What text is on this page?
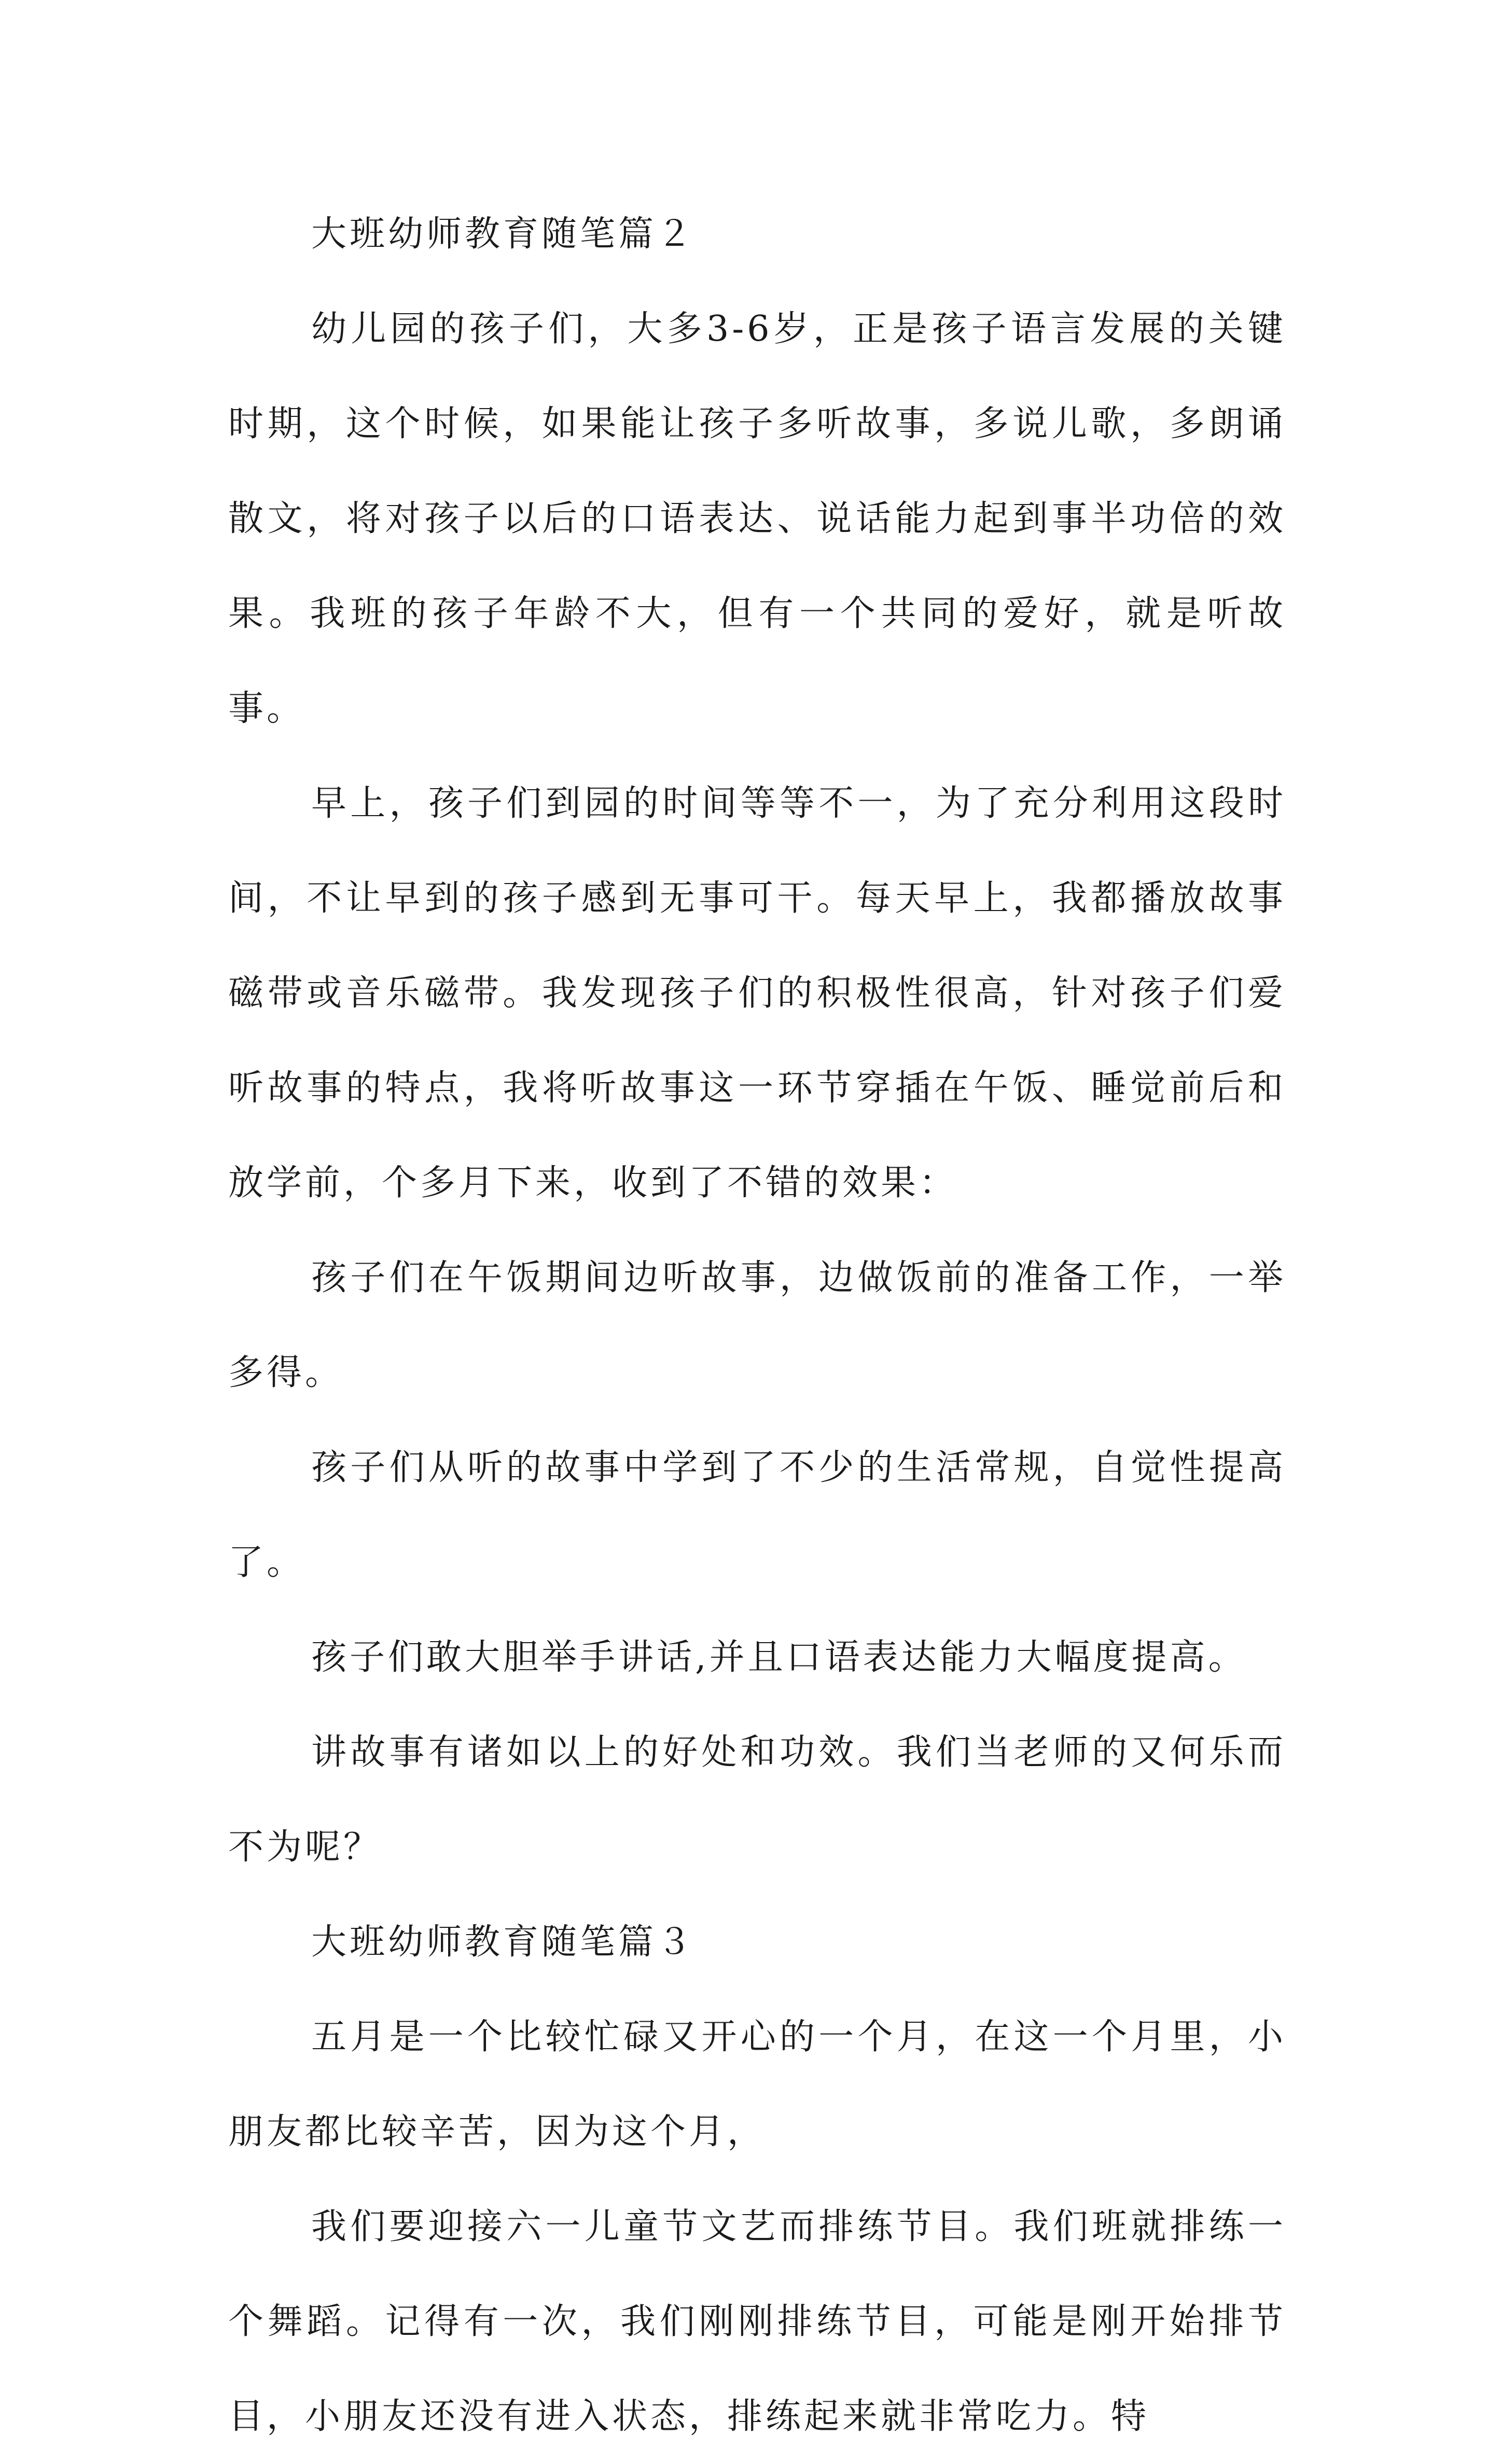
大班幼师教育随笔篇２

幼儿园的孩子们，大多3-6岁，正是孩子语言发展的关键时期，这个时候，如果能让孩子多听故事，多说儿歌，多朗诵散文，将对孩子以后的口语表达、说话能力起到事半功倍的效果。我班的孩子年龄不大，但有一个共同的爱好，就是听故事。

早上，孩子们到园的时间等等不一，为了充分利用这段时间，不让早到的孩子感到无事可干。每天早上，我都播放故事磁带或音乐磁带。我发现孩子们的积极性很高，针对孩子们爱听故事的特点，我将听故事这一环节穿插在午饭、睡觉前后和放学前，个多月下来，收到了不错的效果：

孩子们在午饭期间边听故事，边做饭前的准备工作，一举多得。

孩子们从听的故事中学到了不少的生活常规，自觉性提高了。

孩子们敢大胆举手讲话,并且口语表达能力大幅度提高。

讲故事有诸如以上的好处和功效。我们当老师的又何乐而不为呢？

大班幼师教育随笔篇３

五月是一个比较忙碌又开心的一个月，在这一个月里，小朋友都比较辛苦，因为这个月，

我们要迎接六一儿童节文艺而排练节目。我们班就排练一个舞蹈。记得有一次，我们刚刚排练节目，可能是刚开始排节目，小朋友还没有进入状态，排练起来就非常吃力。特
